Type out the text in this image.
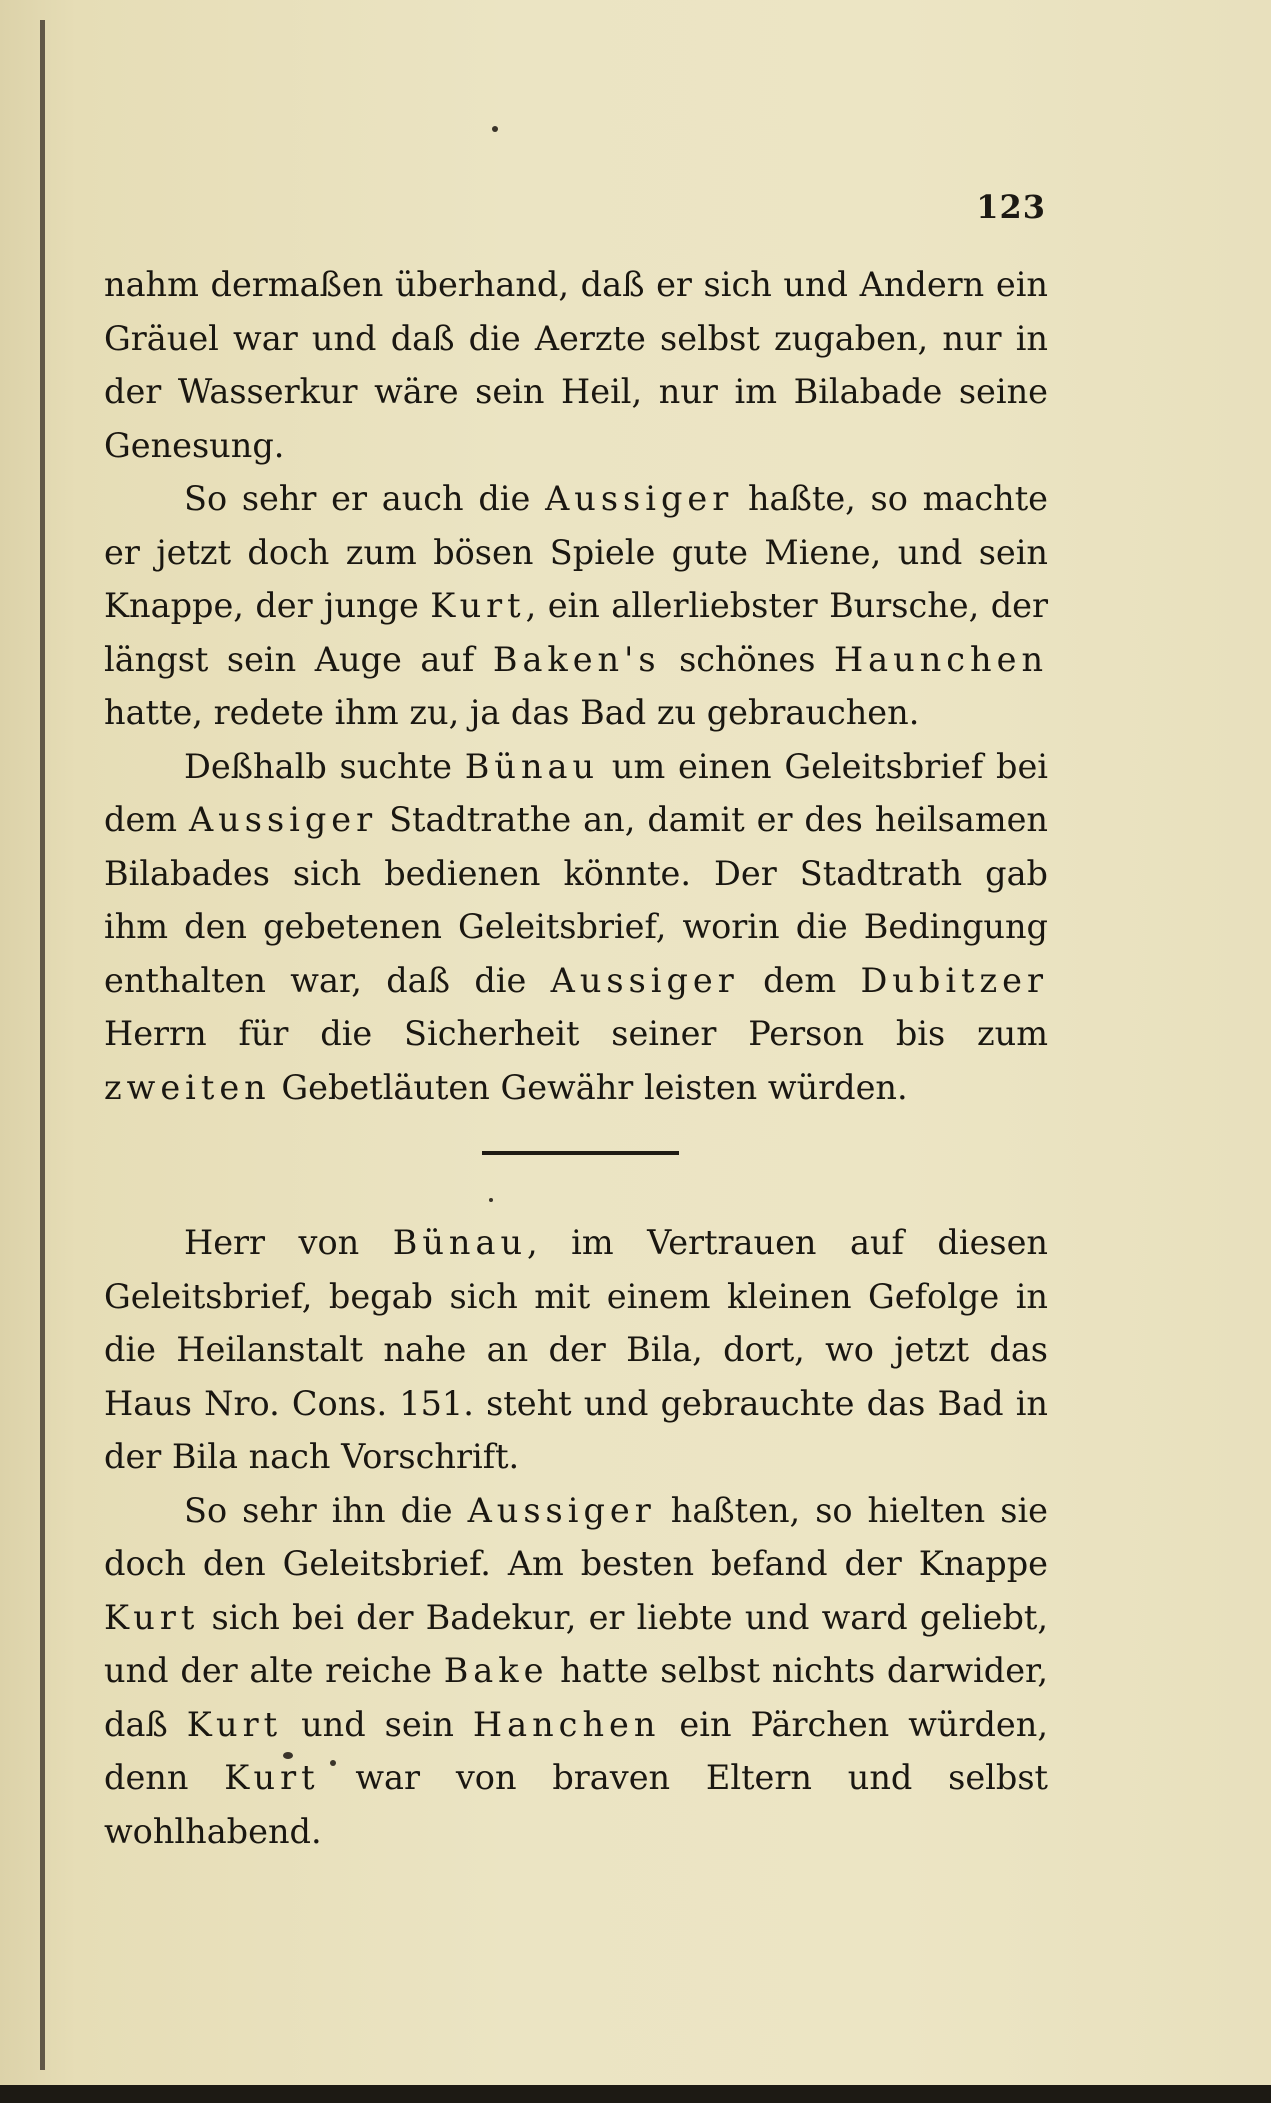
123

nahm dermaßen überhand, daß er sich und Andern ein Gräuel war und daß die Aerzte selbst zugaben, nur in der Wasserkur wäre sein Heil, nur im Bilabade seine Genesung.

So sehr er auch die Aussiger haßte, so machte er jetzt doch zum bösen Spiele gute Miene, und sein Knappe, der junge Kurt, ein allerliebster Bursche, der längst sein Auge auf Baken's schönes Haunchen hatte, redete ihm zu, ja das Bad zu gebrauchen.

Deßhalb suchte Bünau um einen Geleitsbrief bei dem Aussiger Stadtrathe an, damit er des heilsamen Bilabades sich bedienen könnte. Der Stadtrath gab ihm den gebetenen Geleitsbrief, worin die Bedingung enthalten war, daß die Aussiger dem Dubitzer Herrn für die Sicherheit seiner Person bis zum zweiten Gebetläuten Gewähr leisten würden.

Herr von Bünau, im Vertrauen auf diesen Geleitsbrief, begab sich mit einem kleinen Gefolge in die Heilanstalt nahe an der Bila, dort, wo jetzt das Haus Nro. Cons. 151. steht und gebrauchte das Bad in der Bila nach Vorschrift.

So sehr ihn die Aussiger haßten, so hielten sie doch den Geleitsbrief. Am besten befand der Knappe Kurt sich bei der Badekur, er liebte und ward geliebt, und der alte reiche Bake hatte selbst nichts darwider, daß Kurt und sein Hanchen ein Pärchen würden, denn Kurt war von braven Eltern und selbst wohlhabend.
